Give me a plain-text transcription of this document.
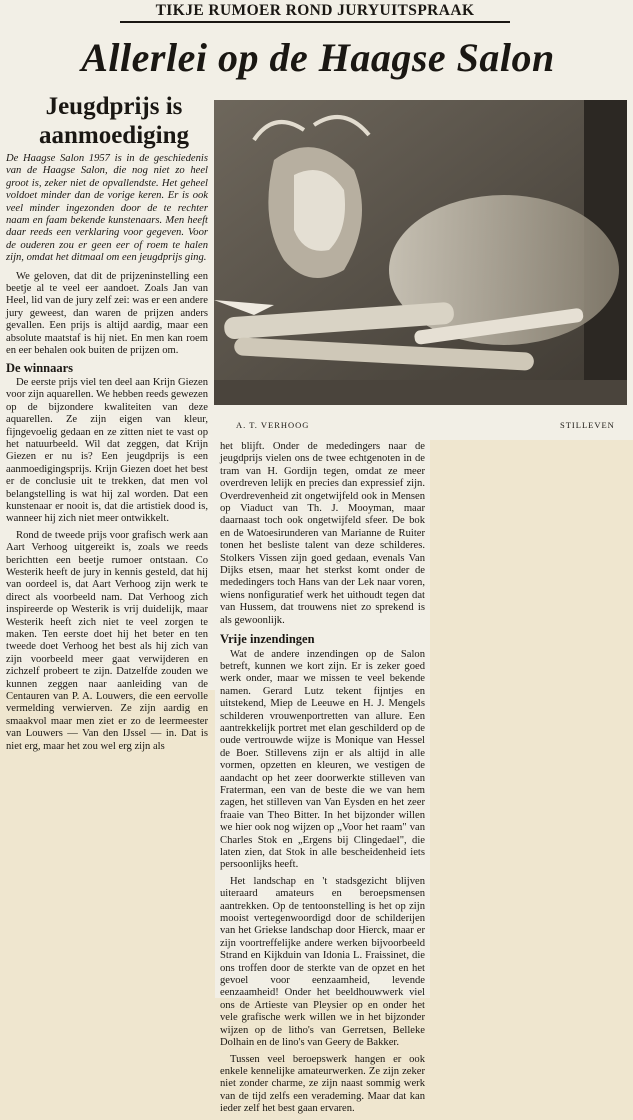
TIKJE RUMOER ROND JURYUITSPRAAK
Allerlei op de Haagse Salon
Jeugdprijs is aanmoediging

De Haagse Salon 1957 is in de geschiedenis van de Haagse Salon, die nog niet zo heel groot is, zeker niet de opvallendste. Het geheel voldoet minder dan de vorige keren. Er is ook veel minder ingezonden door de te rechter naam en faam bekende kunstenaars. Men heeft daar reeds een verklaring voor gegeven. Voor de ouderen zou er geen eer of roem te halen zijn, omdat het ditmaal om een jeugdprijs ging.

We geloven, dat dit de prijzeninstelling een beetje al te veel eer aandoet. Zoals Jan van Heel, lid van de jury zelf zei: was er een andere jury geweest, dan waren de prijzen anders gevallen. Een prijs is altijd aardig, maar een absolute maatstaf is hij niet. En men kan roem en eer behalen ook buiten de prijzen om.

De winnaars

De eerste prijs viel ten deel aan Krijn Giezen voor zijn aquarellen. We hebben reeds gewezen op de bijzondere kwaliteiten van deze aquarellen. Ze zijn eigen van kleur, fijngevoelig gedaan en ze zitten niet te vast op het natuurbeeld. Wil dat zeggen, dat Krijn Giezen er nu is? Een jeugdprijs is een aanmoedigingsprijs. Krijn Giezen doet het best er de conclusie uit te trekken, dat men vol belangstelling is wat hij zal worden. Dat een kunstenaar er nooit is, dat die artistiek dood is, wanneer hij zich niet meer ontwikkelt.

Rond de tweede prijs voor grafisch werk aan Aart Verhoog uitgereikt is, zoals we reeds berichtten een beetje rumoer ontstaan. Co Westerik heeft de jury in kennis gesteld, dat hij van oordeel is, dat Aart Verhoog zijn werk te direct als voorbeeld nam. Dat Verhoog zich inspireerde op Westerik is vrij duidelijk, maar Westerik heeft zich niet te veel zorgen te maken. Ten eerste doet hij het beter en ten tweede doet Verhoog het best als hij zich van zijn voorbeeld meer gaat verwijderen en zichzelf probeert te zijn. Datzelfde zouden we kunnen zeggen naar aanleiding van de Centauren van P. A. Louwers, die een eervolle vermelding verwierven. Ze zijn aardig en smaakvol maar men ziet er zo de leermeester van Louwers — Van den IJssel — in. Dat is niet erg, maar het zou wel erg zijn als

A. T. VERHOOG	STILLEVEN

het blijft. Onder de mededingers naar de jeugdprijs vielen ons de twee echtgenoten in de tram van H. Gordijn tegen, omdat ze meer overdreven lelijk en precies dan expressief zijn. Overdrevenheid zit ongetwijfeld ook in Mensen op Viaduct van Th. J. Mooyman, maar daarnaast toch ook ongetwijfeld sfeer. De bok en de Watoesirunderen van Marianne de Ruiter tonen het besliste talent van deze schilderes. Stolkers Vissen zijn goed gedaan, evenals Van Dijks etsen, maar het sterkst komt onder de mededingers toch Hans van der Lek naar voren, wiens nonfiguratief werk het uithoudt tegen dat van Hussem, dat trouwens niet zo sprekend is als gewoonlijk.

Vrije inzendingen

Wat de andere inzendingen op de Salon betreft, kunnen we kort zijn. Er is zeker goed werk onder, maar we missen te veel bekende namen. Gerard Lutz tekent fijntjes en uitstekend, Miep de Leeuwe en H. J. Mengels schilderen vrouwenportretten van allure. Een aantrekkelijk portret met elan geschilderd op de oude vertrouwde wijze is Monique van Hessel de Boer. Stillevens zijn er als altijd in alle vormen, opzetten en kleuren, we vestigen de aandacht op het zeer doorwerkte stilleven van Fraterman, een van de beste die we van hem zagen, het stilleven van Van Eysden en het zeer fraaie van Theo Bitter. In het bijzonder willen we hier ook nog wijzen op „Voor het raam" van Charles Stok en „Ergens bij Clingedael", die laten zien, dat Stok in alle bescheidenheid iets persoonlijks heeft.

Het landschap en 't stadsgezicht blijven uiteraard amateurs en beroepsmensen aantrekken. Op de tentoonstelling is het op zijn mooist vertegenwoordigd door de schilderijen van het Griekse landschap door Hierck, maar er zijn voortreffelijke andere werken bijvoorbeeld Strand en Kijkduin van Idonia L. Fraissinet, die ons troffen door de sterkte van de opzet en het gevoel voor eenzaamheid, levende eenzaamheid! Onder het beeldhouwwerk viel ons de Artieste van Pleysier op en onder het vele grafische werk willen we in het bijzonder wijzen op de litho's van Gerretsen, Belleke Dolhain en de lino's van Geery de Bakker.

Tussen veel beroepswerk hangen er ook enkele kennelijke amateurwerken. Ze zijn zeker niet zonder charme, ze zijn naast sommig werk van de tijd zelfs een verademing. Maar dat kan ieder zelf het best gaan ervaren.
